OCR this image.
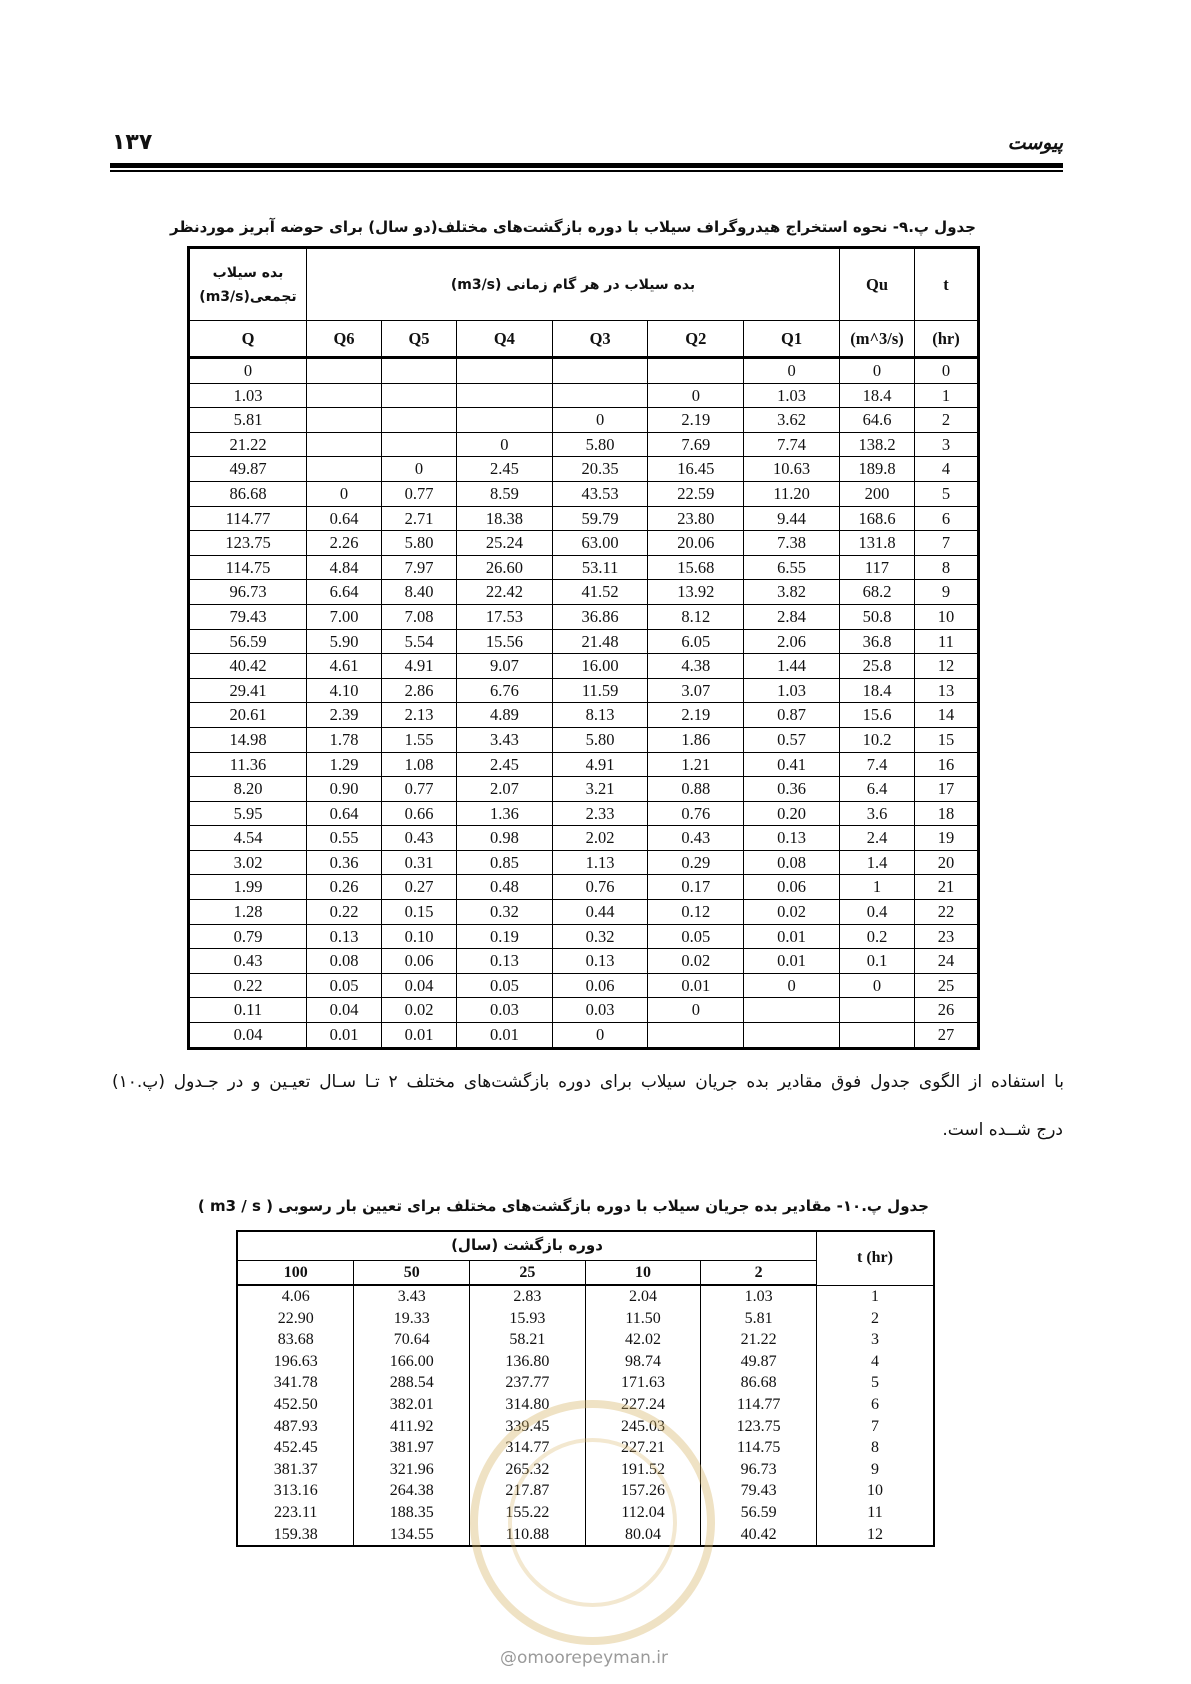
۱۳۷	پیوست
جدول پ.۹- نحوه استخراج هیدروگراف سیلاب با دوره بازگشت‌های مختلف(دو سال) برای حوضه آبریز موردنظر
بده سیلاب تجمعی(m3/s)	بده سیلاب در هر گام زمانی (m3/s)						Qu	t
Q	Q6	Q5	Q4	Q3	Q2	Q1	(m^3/s)	(hr)
0						0	0	0
1.03					0	1.03	18.4	1
5.81				0	2.19	3.62	64.6	2
21.22			0	5.80	7.69	7.74	138.2	3
49.87		0	2.45	20.35	16.45	10.63	189.8	4
86.68	0	0.77	8.59	43.53	22.59	11.20	200	5
114.77	0.64	2.71	18.38	59.79	23.80	9.44	168.6	6
123.75	2.26	5.80	25.24	63.00	20.06	7.38	131.8	7
114.75	4.84	7.97	26.60	53.11	15.68	6.55	117	8
96.73	6.64	8.40	22.42	41.52	13.92	3.82	68.2	9
79.43	7.00	7.08	17.53	36.86	8.12	2.84	50.8	10
56.59	5.90	5.54	15.56	21.48	6.05	2.06	36.8	11
40.42	4.61	4.91	9.07	16.00	4.38	1.44	25.8	12
29.41	4.10	2.86	6.76	11.59	3.07	1.03	18.4	13
20.61	2.39	2.13	4.89	8.13	2.19	0.87	15.6	14
14.98	1.78	1.55	3.43	5.80	1.86	0.57	10.2	15
11.36	1.29	1.08	2.45	4.91	1.21	0.41	7.4	16
8.20	0.90	0.77	2.07	3.21	0.88	0.36	6.4	17
5.95	0.64	0.66	1.36	2.33	0.76	0.20	3.6	18
4.54	0.55	0.43	0.98	2.02	0.43	0.13	2.4	19
3.02	0.36	0.31	0.85	1.13	0.29	0.08	1.4	20
1.99	0.26	0.27	0.48	0.76	0.17	0.06	1	21
1.28	0.22	0.15	0.32	0.44	0.12	0.02	0.4	22
0.79	0.13	0.10	0.19	0.32	0.05	0.01	0.2	23
0.43	0.08	0.06	0.13	0.13	0.02	0.01	0.1	24
0.22	0.05	0.04	0.05	0.06	0.01	0	0	25
0.11	0.04	0.02	0.03	0.03	0			26
0.04	0.01	0.01	0.01	0				27
با استفاده از الگوی جدول فوق مقادیر بده جریان سیلاب برای دوره بازگشت‌های مختلف ۲ تـا سـال تعیـین و در جـدول (پ.۱۰)
درج شــده است.
جدول پ.۱۰- مقادیر بده جریان سیلاب با دوره بازگشت‌های مختلف برای تعیین بار رسوبی ( m3 / s )
دوره بازگشت (سال)					t (hr)
100	50	25	10	2	
4.06	3.43	2.83	2.04	1.03	1
22.90	19.33	15.93	11.50	5.81	2
83.68	70.64	58.21	42.02	21.22	3
196.63	166.00	136.80	98.74	49.87	4
341.78	288.54	237.77	171.63	86.68	5
452.50	382.01	314.80	227.24	114.77	6
487.93	411.92	339.45	245.03	123.75	7
452.45	381.97	314.77	227.21	114.75	8
381.37	321.96	265.32	191.52	96.73	9
313.16	264.38	217.87	157.26	79.43	10
223.11	188.35	155.22	112.04	56.59	11
159.38	134.55	110.88	80.04	40.42	12
@omoorepeyman.ir
